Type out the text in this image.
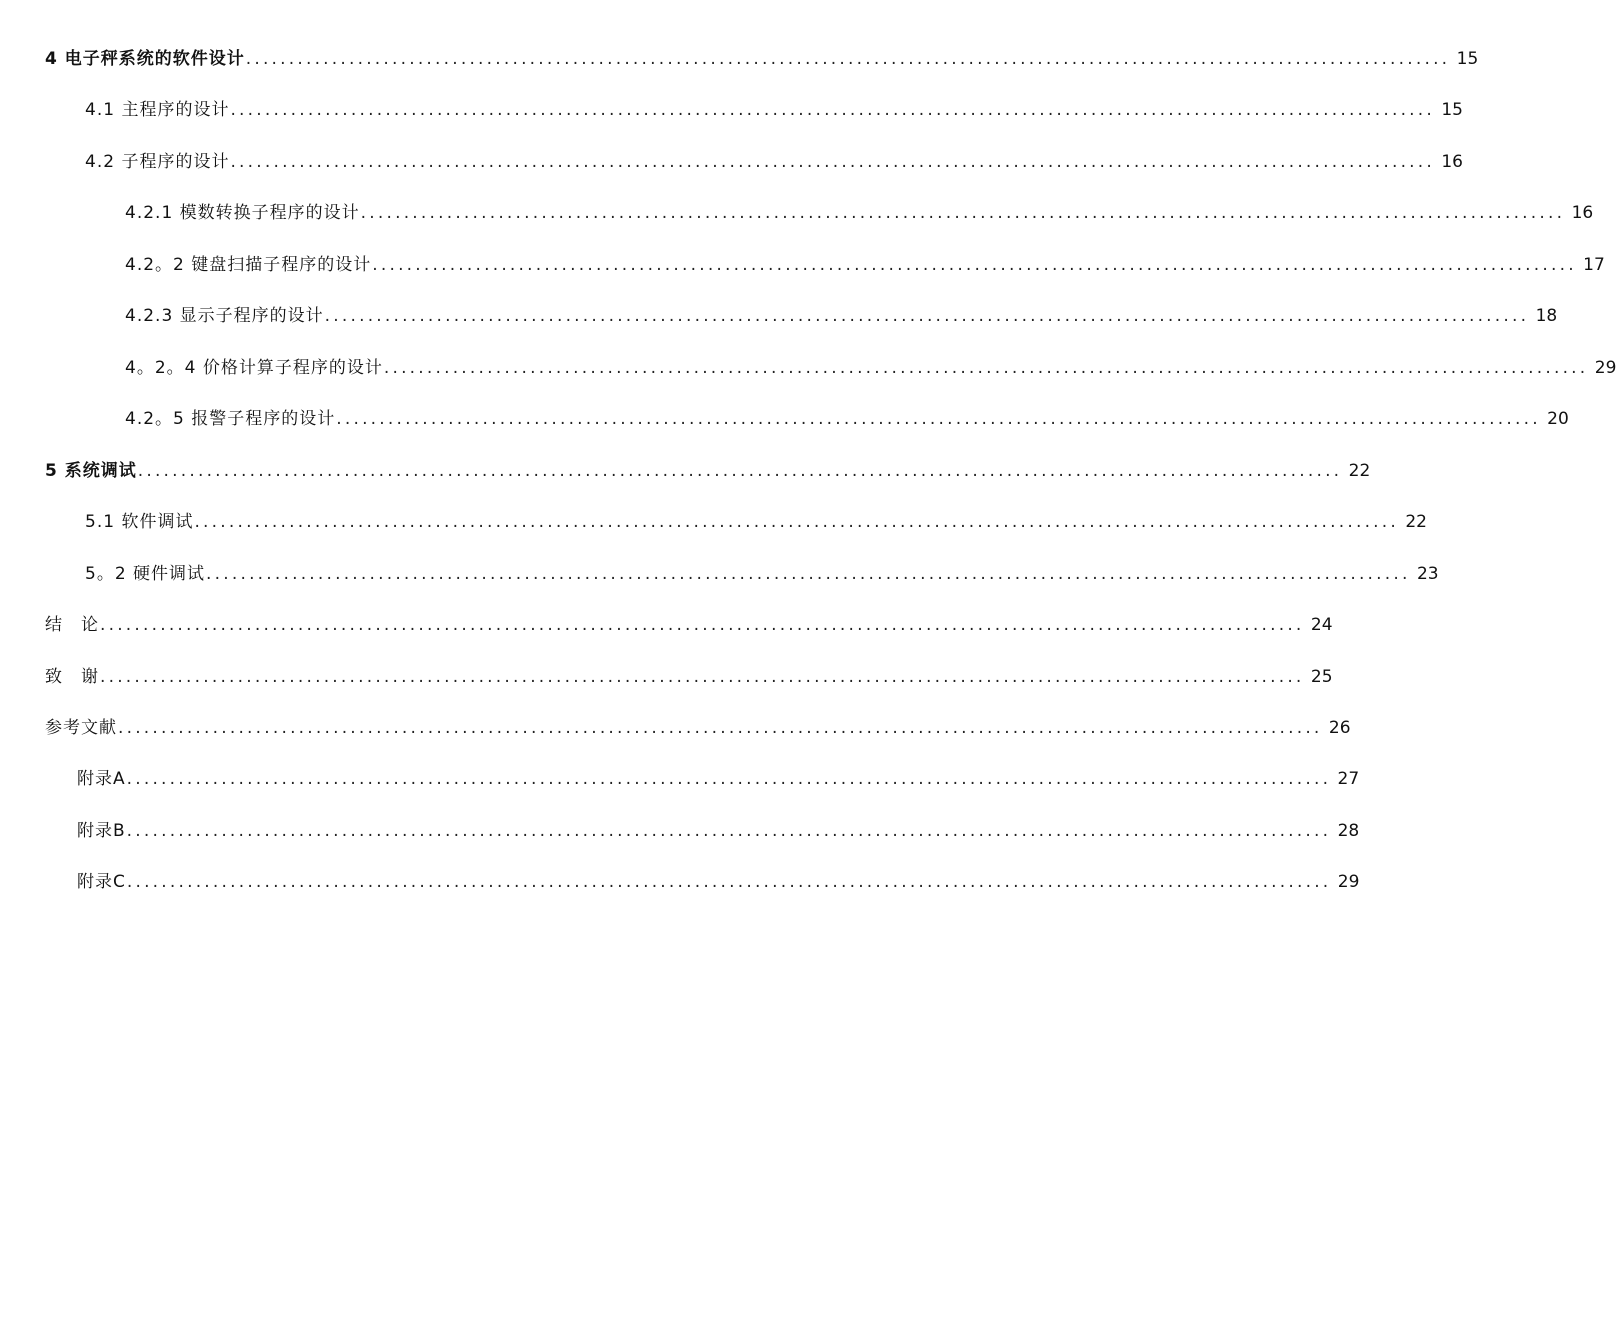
4 电子秤系统的软件设计 ............................................................................................................................................ 15
4.1 主程序的设计 ............................................................................................................................................ 15
4.2 子程序的设计 ............................................................................................................................................ 16
4.2.1 模数转换子程序的设计 ............................................................................................................................................ 16
4.2。2 键盘扫描子程序的设计 ............................................................................................................................................ 17
4.2.3 显示子程序的设计 ............................................................................................................................................ 18
4。2。4 价格计算子程序的设计 ............................................................................................................................................ 29
4.2。5 报警子程序的设计 ............................................................................................................................................ 20
5 系统调试 ............................................................................................................................................ 22
5.1 软件调试 ............................................................................................................................................ 22
5。2 硬件调试 ............................................................................................................................................ 23
结　论 ............................................................................................................................................ 24
致　谢 ............................................................................................................................................ 25
参考文献 ............................................................................................................................................ 26
附录A ............................................................................................................................................ 27
附录B ............................................................................................................................................ 28
附录C ............................................................................................................................................ 29
